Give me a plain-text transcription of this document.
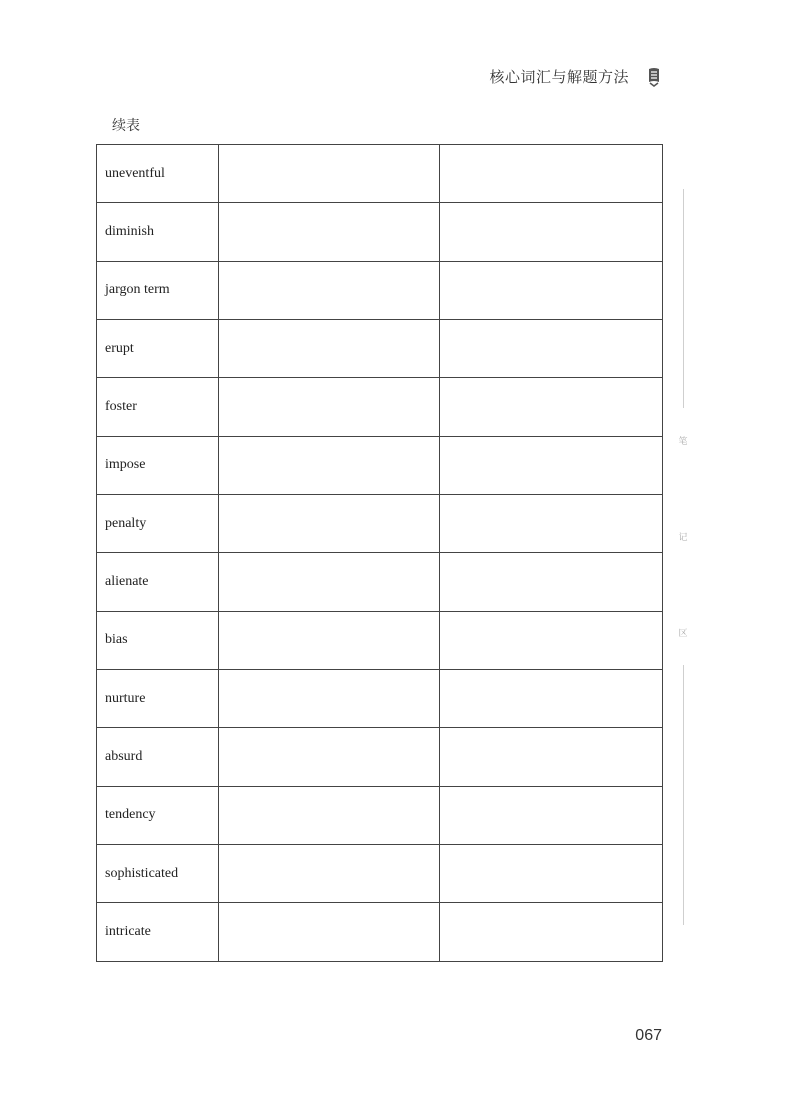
核心词汇与解题方法
续表
uneventful		
diminish		
jargon term		
erupt		
foster		
impose		
penalty		
alienate		
bias		
nurture		
absurd		
tendency		
sophisticated		
intricate		
笔
记
区
067
